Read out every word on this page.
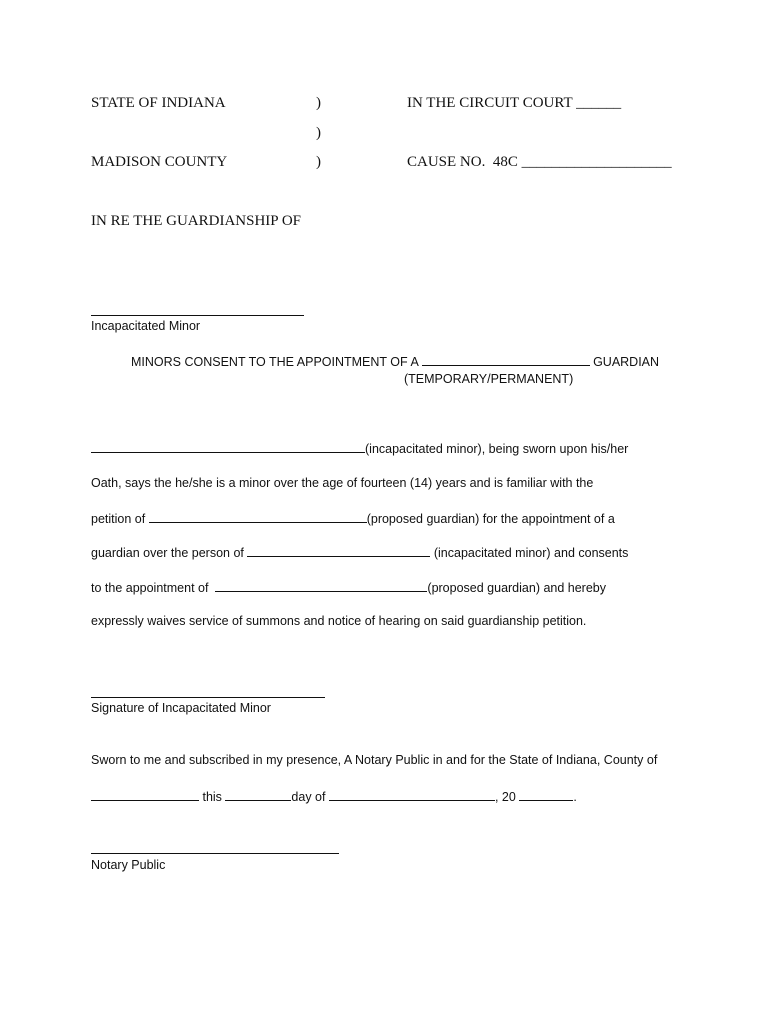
STATE OF INDIANA	)	IN THE CIRCUIT COURT ______
)
MADISON COUNTY	)	CAUSE NO.  48C ____________________
IN RE THE GUARDIANSHIP OF
Incapacitated Minor
MINORS CONSENT TO THE APPOINTMENT OF A	GUARDIAN
(TEMPORARY/PERMANENT)
(incapacitated minor), being sworn upon his/her
Oath, says the he/she is a minor over the age of fourteen (14) years and is familiar with the
petition of	(proposed guardian) for the appointment of a
guardian over the person of	(incapacitated minor) and consents
to the appointment of	(proposed guardian) and hereby
expressly waives service of summons and notice of hearing on said guardianship petition.
Signature of Incapacitated Minor
Sworn to me and subscribed in my presence, A Notary Public in and for the State of Indiana, County of
this	day of	, 20	.
Notary Public
